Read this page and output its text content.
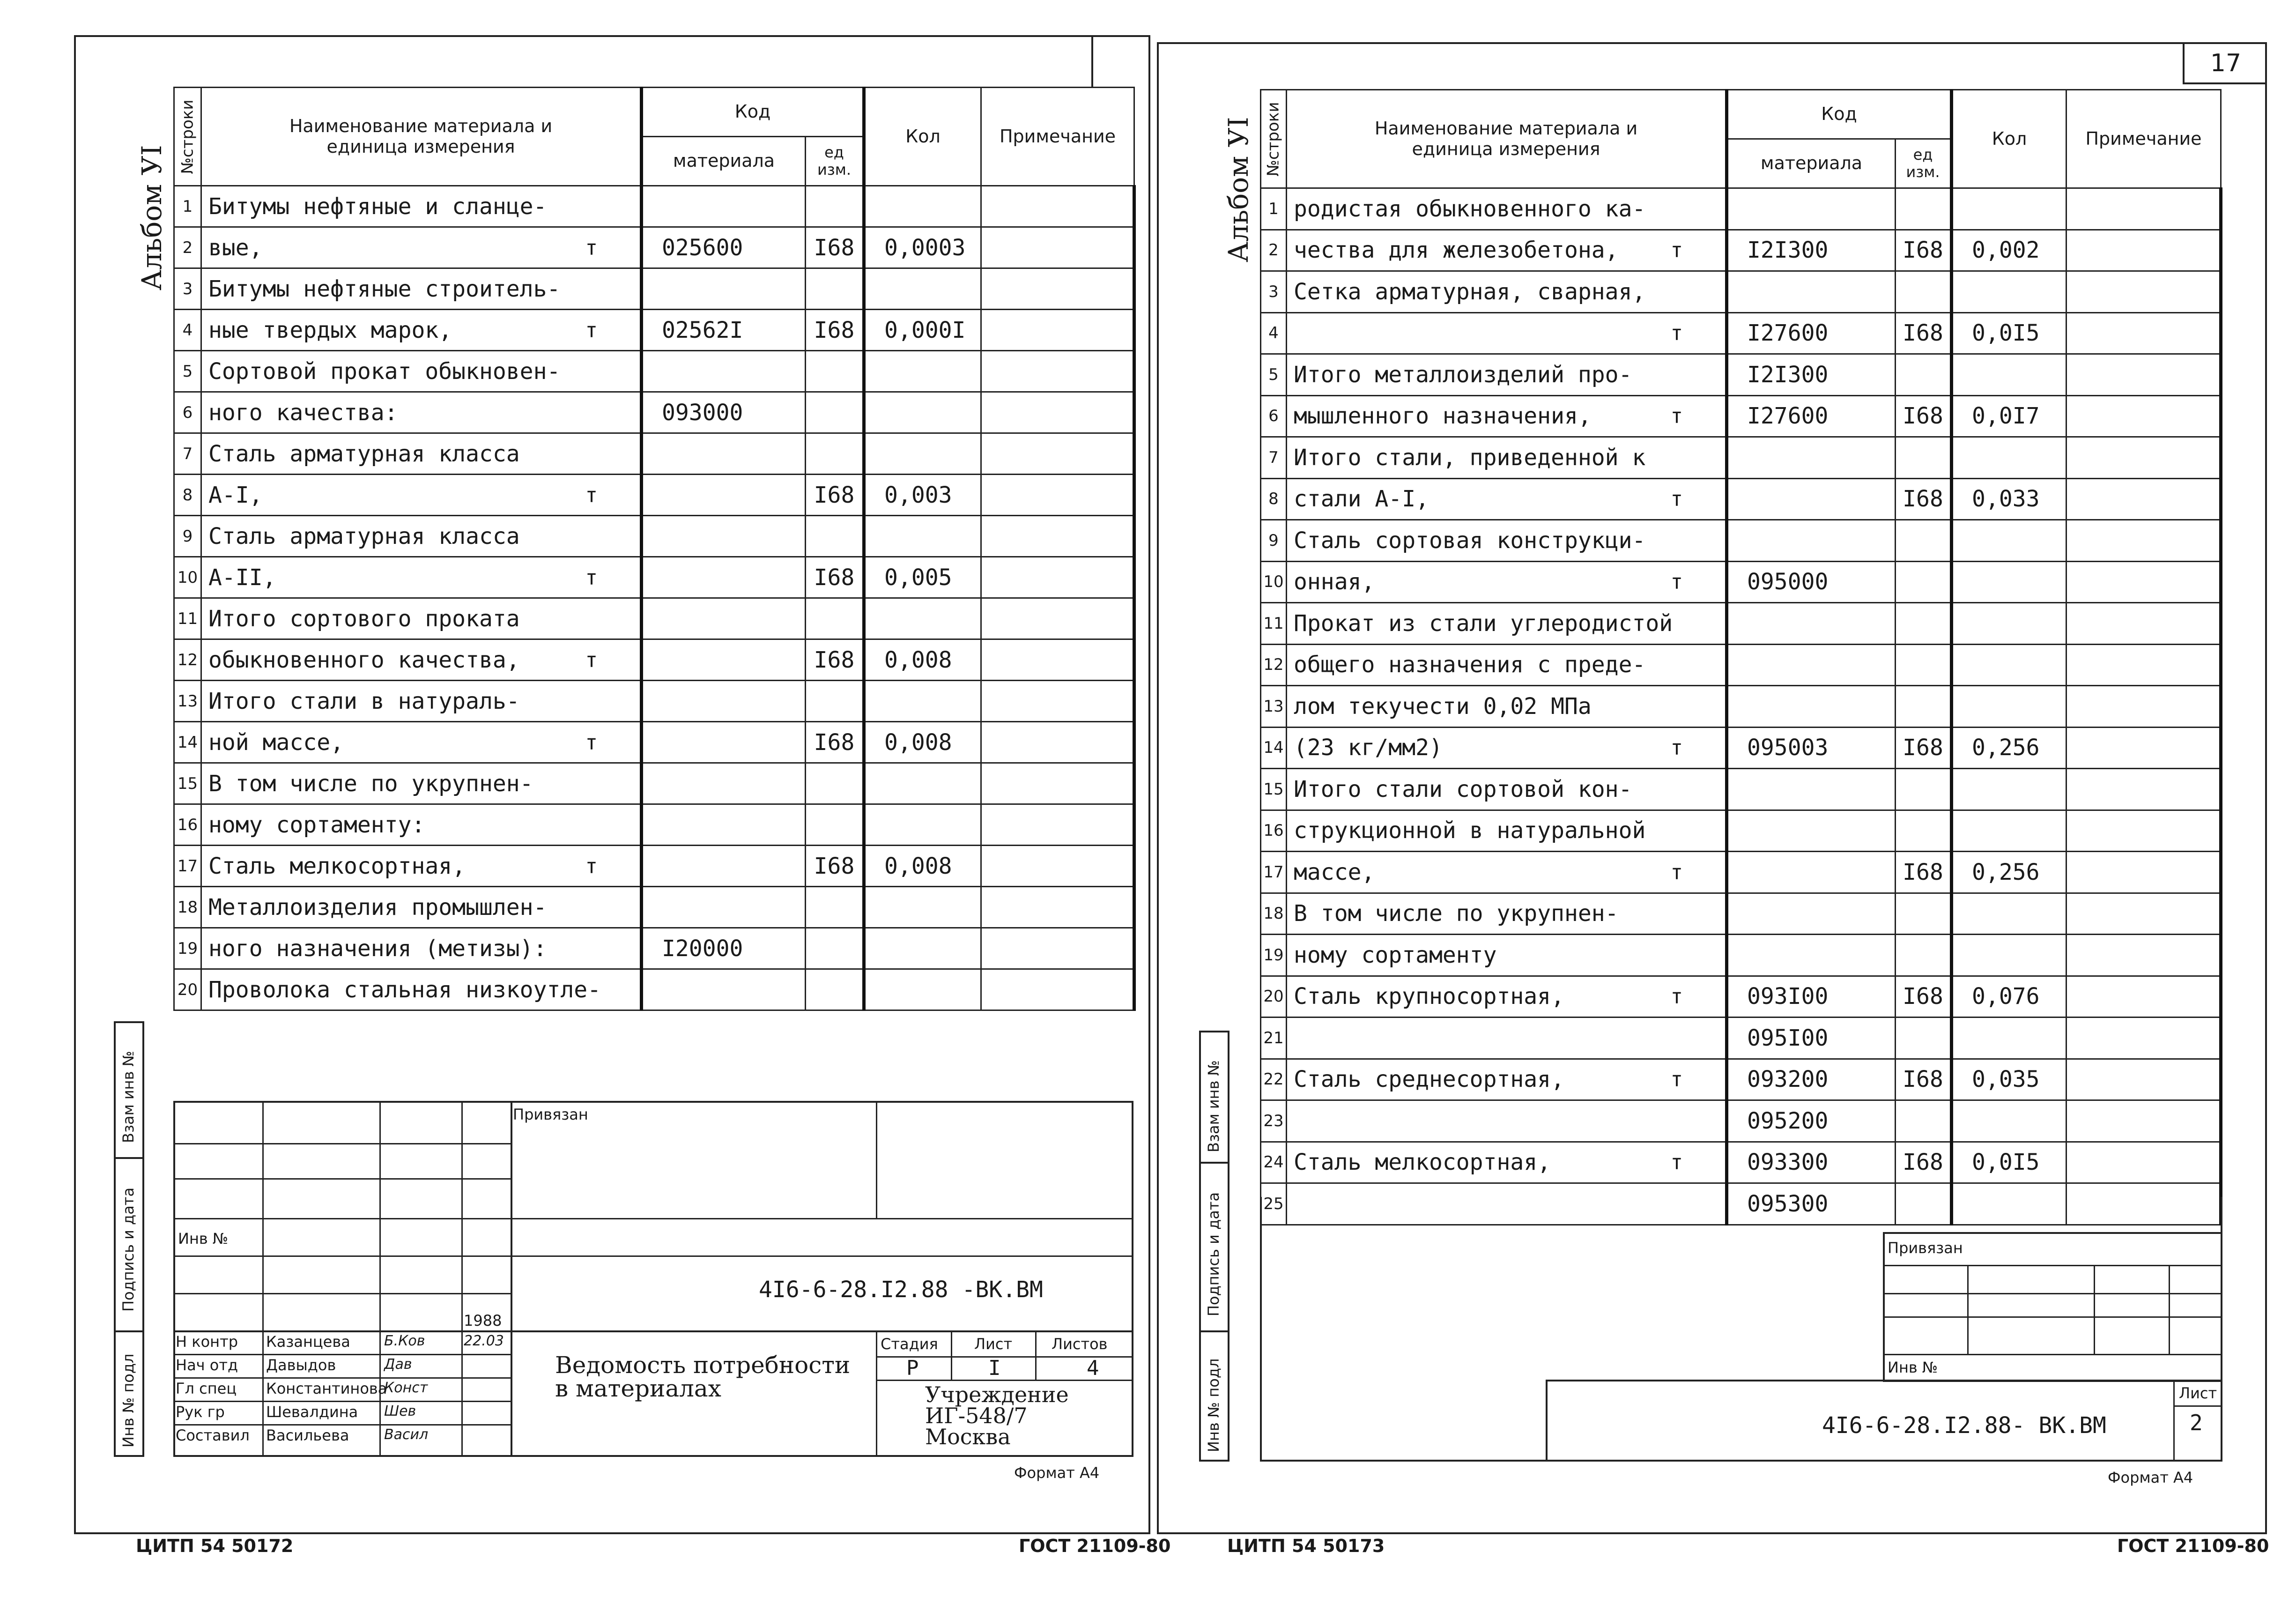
17
Альбом УI	Альбом УI
№строки	Наименование материала и единица измерения	Код		Кол	Примечание
		материала	ед изм.		
1	Битумы нефтяные и сланце-

2	вые, т	025600	I68	0,0003	
3	Битумы нефтяные строитель-

4	ные твердых марок, т	02562I	I68	0,000I	
5	Сортовой прокат обыкновен-

6	ного качества:	093000			
7	Сталь арматурная класса

8	А-I, т		I68	0,003	
9	Сталь арматурная класса

10	А-II, т		I68	0,005	
11	Итого сортового проката

12	обыкновенного качества, т		I68	0,008	
13	Итого стали в натураль-

14	ной массе, т		I68	0,008	
15	В том числе по укрупнен-

16	ному сортаменту:

17	Сталь мелкосортная, т		I68	0,008	
18	Металлоизделия промышлен-

19	ного назначения (метизы):	I20000			
20	Проволока стальная низкоутле-

№строки	Наименование материала и единица измерения	Код		Кол	Примечание
		материала	ед изм.		
1	родистая обыкновенного ка-

2	чества для железобетона, т	I2I300	I68	0,002	
3	Сетка арматурная, сварная,

4	т	I27600	I68	0,0I5	
5	Итого металлоизделий про-	I2I300			
6	мышленного назначения, т	I27600	I68	0,0I7	
7	Итого стали, приведенной к

8	стали А-I, т		I68	0,033	
9	Сталь сортовая конструкци-

10	онная, т	095000			
11	Прокат из стали углеродистой

12	общего назначения с преде-

13	лом текучести 0,02 МПа

14	(23 кг/мм2) т	095003	I68	0,256	
15	Итого стали сортовой кон-

16	струкционной в натуральной

17	массе, т		I68	0,256	
18	В том числе по укрупнен-

19	ному сортаменту

20	Сталь крупносортная, т	093I00	I68	0,076	
21		095I00			
22	Сталь среднесортная, т	093200	I68	0,035	
23		095200			
24	Сталь мелкосортная, т	093300	I68	0,0I5	
25		095300			
Взам инв №
Подпись и дата
Инв № подл
Привязан
Инв №
4I6-6-28.I2.88 -ВК.ВМ
1988
Н контр Казанцева Б.Ков
Нач отд Давыдов	Дав
Гл спец Константинова
Конст
Рук гр	Шевалдина Шев
Составил Васильева Васил
22.03
Ведомость потребности
в материалах
Стадия Лист	Листов
Р	I	4
Учреждение
ИГ-548/7
Москва
Формат А4
Взам инв №
Подпись и дата
Инв № подл
Привязан
Инв №
4I6-6-28.I2.88- ВК.ВМ
Лист
2
Формат А4
ЦИТП 54 50172	ГОСТ 21109-80	ЦИТП 54 50173	ГОСТ 21109-80
